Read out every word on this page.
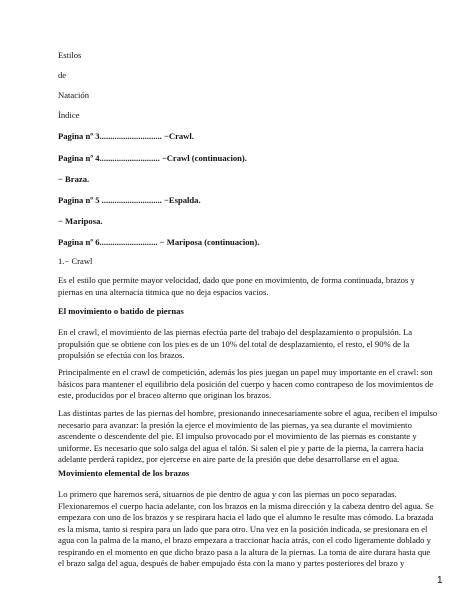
Estilos

de

Natación

Índice

Pagina nº 3............................. −Crawl.

Pagina nº 4............................ −Crawl (continuacion).

− Braza.

Pagina nº 5 ............................ −Espalda.

− Mariposa.

Pagina nº 6........................... − Mariposa (continuacion).

1.− Crawl

Es el estilo que permite mayor velocidad, dado que pone en movimiento, de forma continuada, brazos y
piernas en una alternacia titmica que no deja espacios vacios.

El movimiento o batido de piernas

En el crawl, el movimiento de las piernas efectúa parte del trabajo del desplazamiento o propulsión. La
propulsión que se obtiene con los pies es de un 10% del total de desplazamiento, el resto, el 90% de la
propulsión se efectúa con los brazos.
Principalmente en el crawl de competición, además los pies juegan un papel muy importante en el crawl: son
básicos para mantener el equilibrio dela posición del cuerpo y hacen como contrapeso de los movimientos de
este, producidos por el braceo alterno que originan los brazos.
Las distintas partes de las piernas del hombre, presionando innecesariamente sobre el agua, reciben el impulso
necesario para avanzar: la presión la ejerce el movimiento de las piernas, ya sea durante el movimiento
ascendente o descendente del pie. El impulso provocado por el movimiento de las piernas es constante y
uniforme. Es necesario que solo salga del agua el talón. Si salen el pie y parte de la pierna, la carrera hacia
adelante perderá rapidez, por ejercerse en aire parte de la presión que debe desarrollarse en el agua.

Movimiento elemental de los brazos

Lo primero que haremos será, situarnos de pie dentro de agua y con las piernas un poco separadas.
Flexionaremos el cuerpo hacia adelante, con los brazos en la misma dirección y la cabeza dentro del agua. Se
empezara con uno de los brazos y se respirara hacia el lado que el alumno le resulte mas cómodo. La brazada
es la misma, tanto si respira para un lado que para otro. Una vez en la posición indicada, se presionara en el
agua con la palma de la mano, el brazo empezara a traccionar hacia atrás, con el codo ligeramente doblado y
respirando en el momento en que dicho brazo pasa a la altura de la piernas. La toma de aire durara hasta que
el brazo salga del agua, después de haber empujado ésta con la mano y partes posteriores del brazo y
1
